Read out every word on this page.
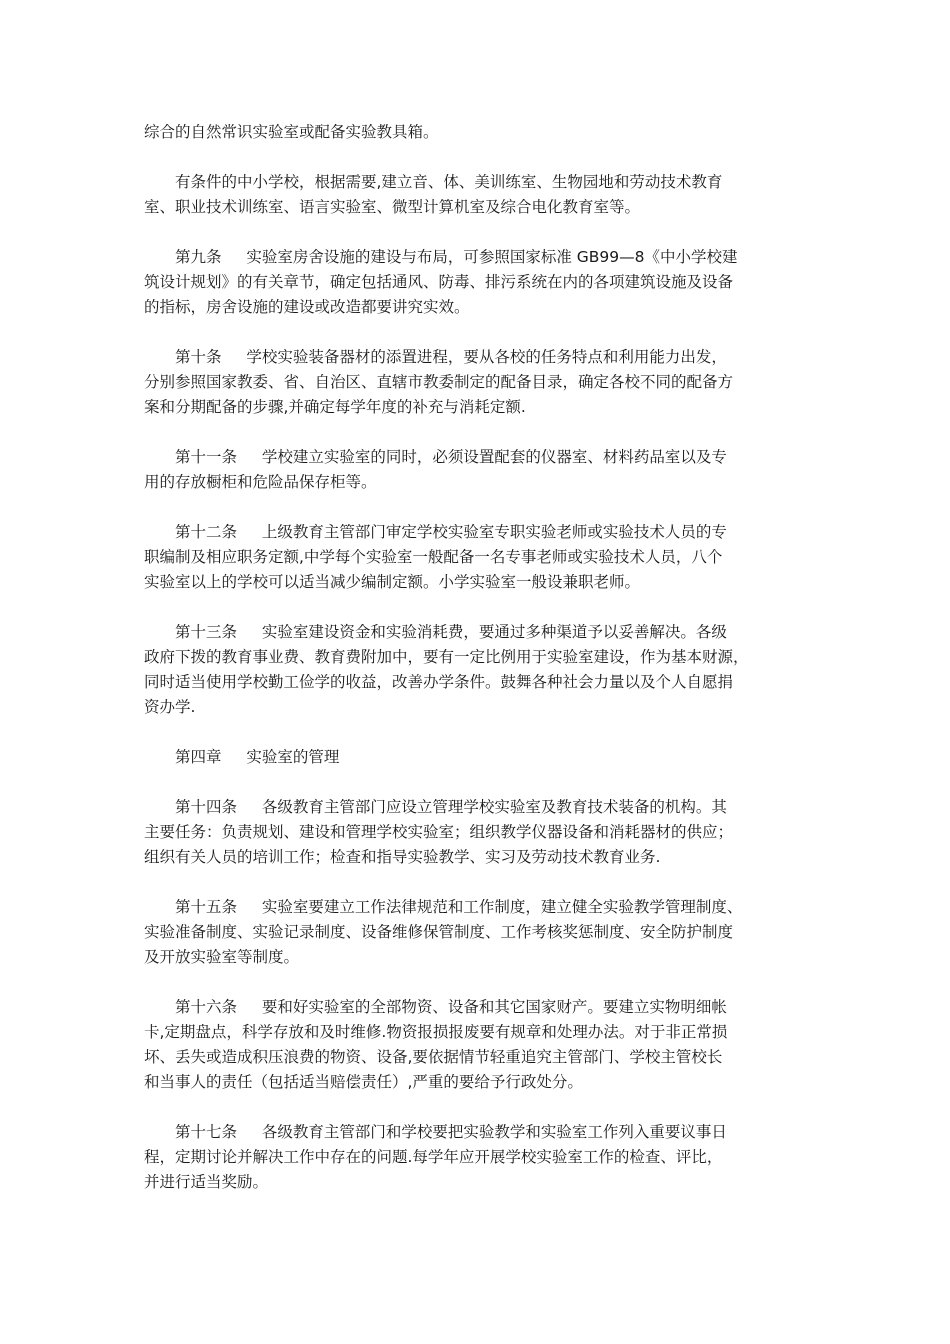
综合的自然常识实验室或配备实验教具箱。

有条件的中小学校，根据需要,建立音、体、美训练室、生物园地和劳动技术教育
室、职业技术训练室、语言实验室、微型计算机室及综合电化教育室等。

第九条 实验室房舍设施的建设与布局，可参照国家标准 GB99—8《中小学校建
筑设计规划》的有关章节，确定包括通风、防毒、排污系统在内的各项建筑设施及设备
的指标，房舍设施的建设或改造都要讲究实效。

第十条 学校实验装备器材的添置进程，要从各校的任务特点和利用能力出发，
分别参照国家教委、省、自治区、直辖市教委制定的配备目录，确定各校不同的配备方
案和分期配备的步骤,并确定每学年度的补充与消耗定额.

第十一条 学校建立实验室的同时，必须设置配套的仪器室、材料药品室以及专
用的存放橱柜和危险品保存柜等。

第十二条 上级教育主管部门审定学校实验室专职实验老师或实验技术人员的专
职编制及相应职务定额,中学每个实验室一般配备一名专事老师或实验技术人员，八个
实验室以上的学校可以适当减少编制定额。小学实验室一般设兼职老师。

第十三条 实验室建设资金和实验消耗费，要通过多种渠道予以妥善解决。各级
政府下拨的教育事业费、教育费附加中，要有一定比例用于实验室建设，作为基本财源，
同时适当使用学校勤工俭学的收益，改善办学条件。鼓舞各种社会力量以及个人自愿捐
资办学.

第四章 实验室的管理

第十四条 各级教育主管部门应设立管理学校实验室及教育技术装备的机构。其
主要任务：负责规划、建设和管理学校实验室；组织教学仪器设备和消耗器材的供应；
组织有关人员的培训工作；检查和指导实验教学、实习及劳动技术教育业务.

第十五条 实验室要建立工作法律规范和工作制度，建立健全实验教学管理制度、
实验准备制度、实验记录制度、设备维修保管制度、工作考核奖惩制度、安全防护制度
及开放实验室等制度。

第十六条 要和好实验室的全部物资、设备和其它国家财产。要建立实物明细帐
卡,定期盘点，科学存放和及时维修.物资报损报废要有规章和处理办法。对于非正常损
坏、丢失或造成积压浪费的物资、设备,要依据情节轻重追究主管部门、学校主管校长
和当事人的责任（包括适当赔偿责任）,严重的要给予行政处分。

第十七条 各级教育主管部门和学校要把实验教学和实验室工作列入重要议事日
程，定期讨论并解决工作中存在的问题.每学年应开展学校实验室工作的检查、评比，
并进行适当奖励。
